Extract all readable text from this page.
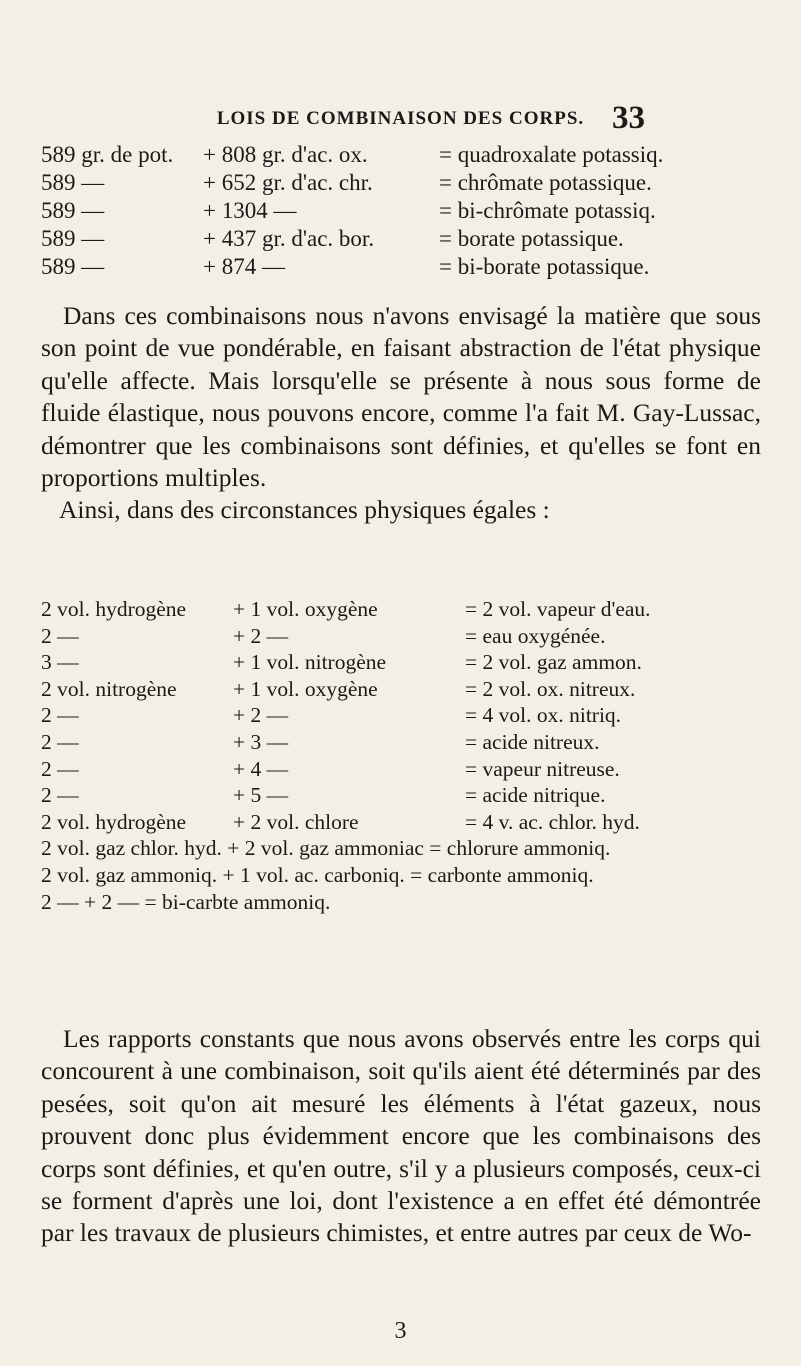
LOIS DE COMBINAISON DES CORPS. 33
589 gr. de pot. + 808 gr. d'ac. ox.	= quadroxalate potassiq.
589 —	+ 652 gr. d'ac. chr.	= chrômate potassique.
589 —	+ 1304 —	= bi-chrômate potassiq.
589 —	+ 437 gr. d'ac. bor.	= borate potassique.
589 —	+ 874 —	= bi-borate potassique.

Dans ces combinaisons nous n'avons envisagé la matière que sous son point de vue pondérable, en faisant abstraction de l'état physique qu'elle affecte. Mais lorsqu'elle se présente à nous sous forme de fluide élastique, nous pouvons encore, comme l'a fait M. Gay-Lussac, démontrer que les combinaisons sont définies, et qu'elles se font en proportions multiples.

Ainsi, dans des circonstances physiques égales :

2 vol. hydrogène + 1 vol. oxygène	= 2 vol. vapeur d'eau.
2 —	+ 2 —	= eau oxygénée.
3 —	+ 1 vol. nitrogène	= 2 vol. gaz ammon.
2 vol. nitrogène	+ 1 vol. oxygène	= 2 vol. ox. nitreux.
2 —	+ 2 —	= 4 vol. ox. nitriq.
2 —	+ 3 —	= acide nitreux.
2 —	+ 4 —	= vapeur nitreuse.
2 —	+ 5 —	= acide nitrique.
2 vol. hydrogène + 2 vol. chlore	= 4 v. ac. chlor. hyd.
2 vol. gaz chlor. hyd. + 2 vol. gaz ammoniac = chlorure ammoniq.
2 vol. gaz ammoniq. + 1 vol. ac. carboniq. = carbonte ammoniq.
2 — + 2 — = bi-carbte ammoniq.

Les rapports constants que nous avons observés entre les corps qui concourent à une combinaison, soit qu'ils aient été déterminés par des pesées, soit qu'on ait mesuré les éléments à l'état gazeux, nous prouvent donc plus évidemment encore que les combinaisons des corps sont définies, et qu'en outre, s'il y a plusieurs composés, ceux-ci se forment d'après une loi, dont l'existence a en effet été démontrée par les travaux de plusieurs chimistes, et entre autres par ceux de Wo-

3
